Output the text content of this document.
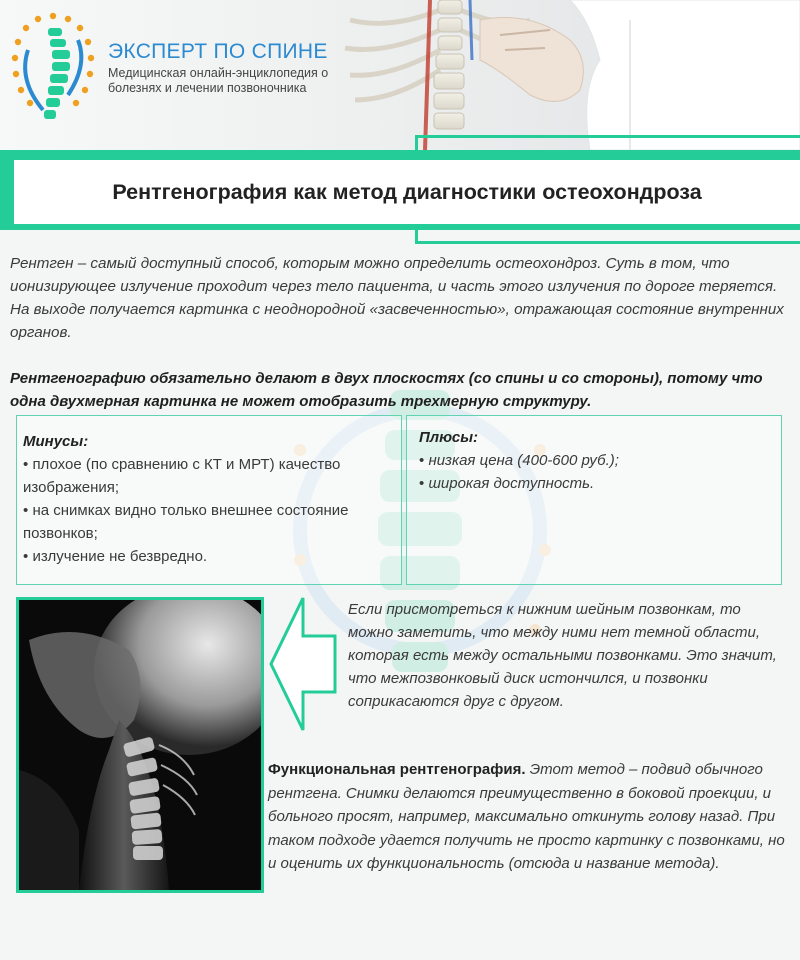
ЭКСПЕРТ ПО СПИНЕ
Медицинская онлайн-энциклопедия о болезнях и лечении позвоночника
Рентгенография как метод диагностики остеохондроза

Рентген – самый доступный способ, которым можно определить остеохондроз. Суть в том, что ионизирующее излучение проходит через тело пациента, и часть этого излучения по дороге теряется. На выходе получается картинка с неоднородной «засвеченностью», отражающая состояние внутренних органов.

Рентгенографию обязательно делают в двух плоскостях (со спины и со стороны), потому что одна двухмерная картинка не может отобразить трехмерную структуру.

Минусы:
• плохое (по сравнению с КТ и МРТ) качество изображения;
• на снимках видно только внешнее состояние позвонков;
• излучение не безвредно.
Плюсы:
• низкая цена (400-600 руб.);
• широкая доступность.

Если присмотреться к нижним шейным позвонкам, то можно заметить, что между ними нет темной области, которая есть между остальными позвонками. Это значит, что межпозвонковый диск истончился, и позвонки соприкасаются друг с другом.

Функциональная рентгенография. Этот метод – подвид обычного рентгена. Снимки делаются преимущественно в боковой проекции, и больного просят, например, максимально откинуть голову назад. При таком подходе удается получить не просто картинку с позвонками, но и оценить их функциональность (отсюда и название метода).
